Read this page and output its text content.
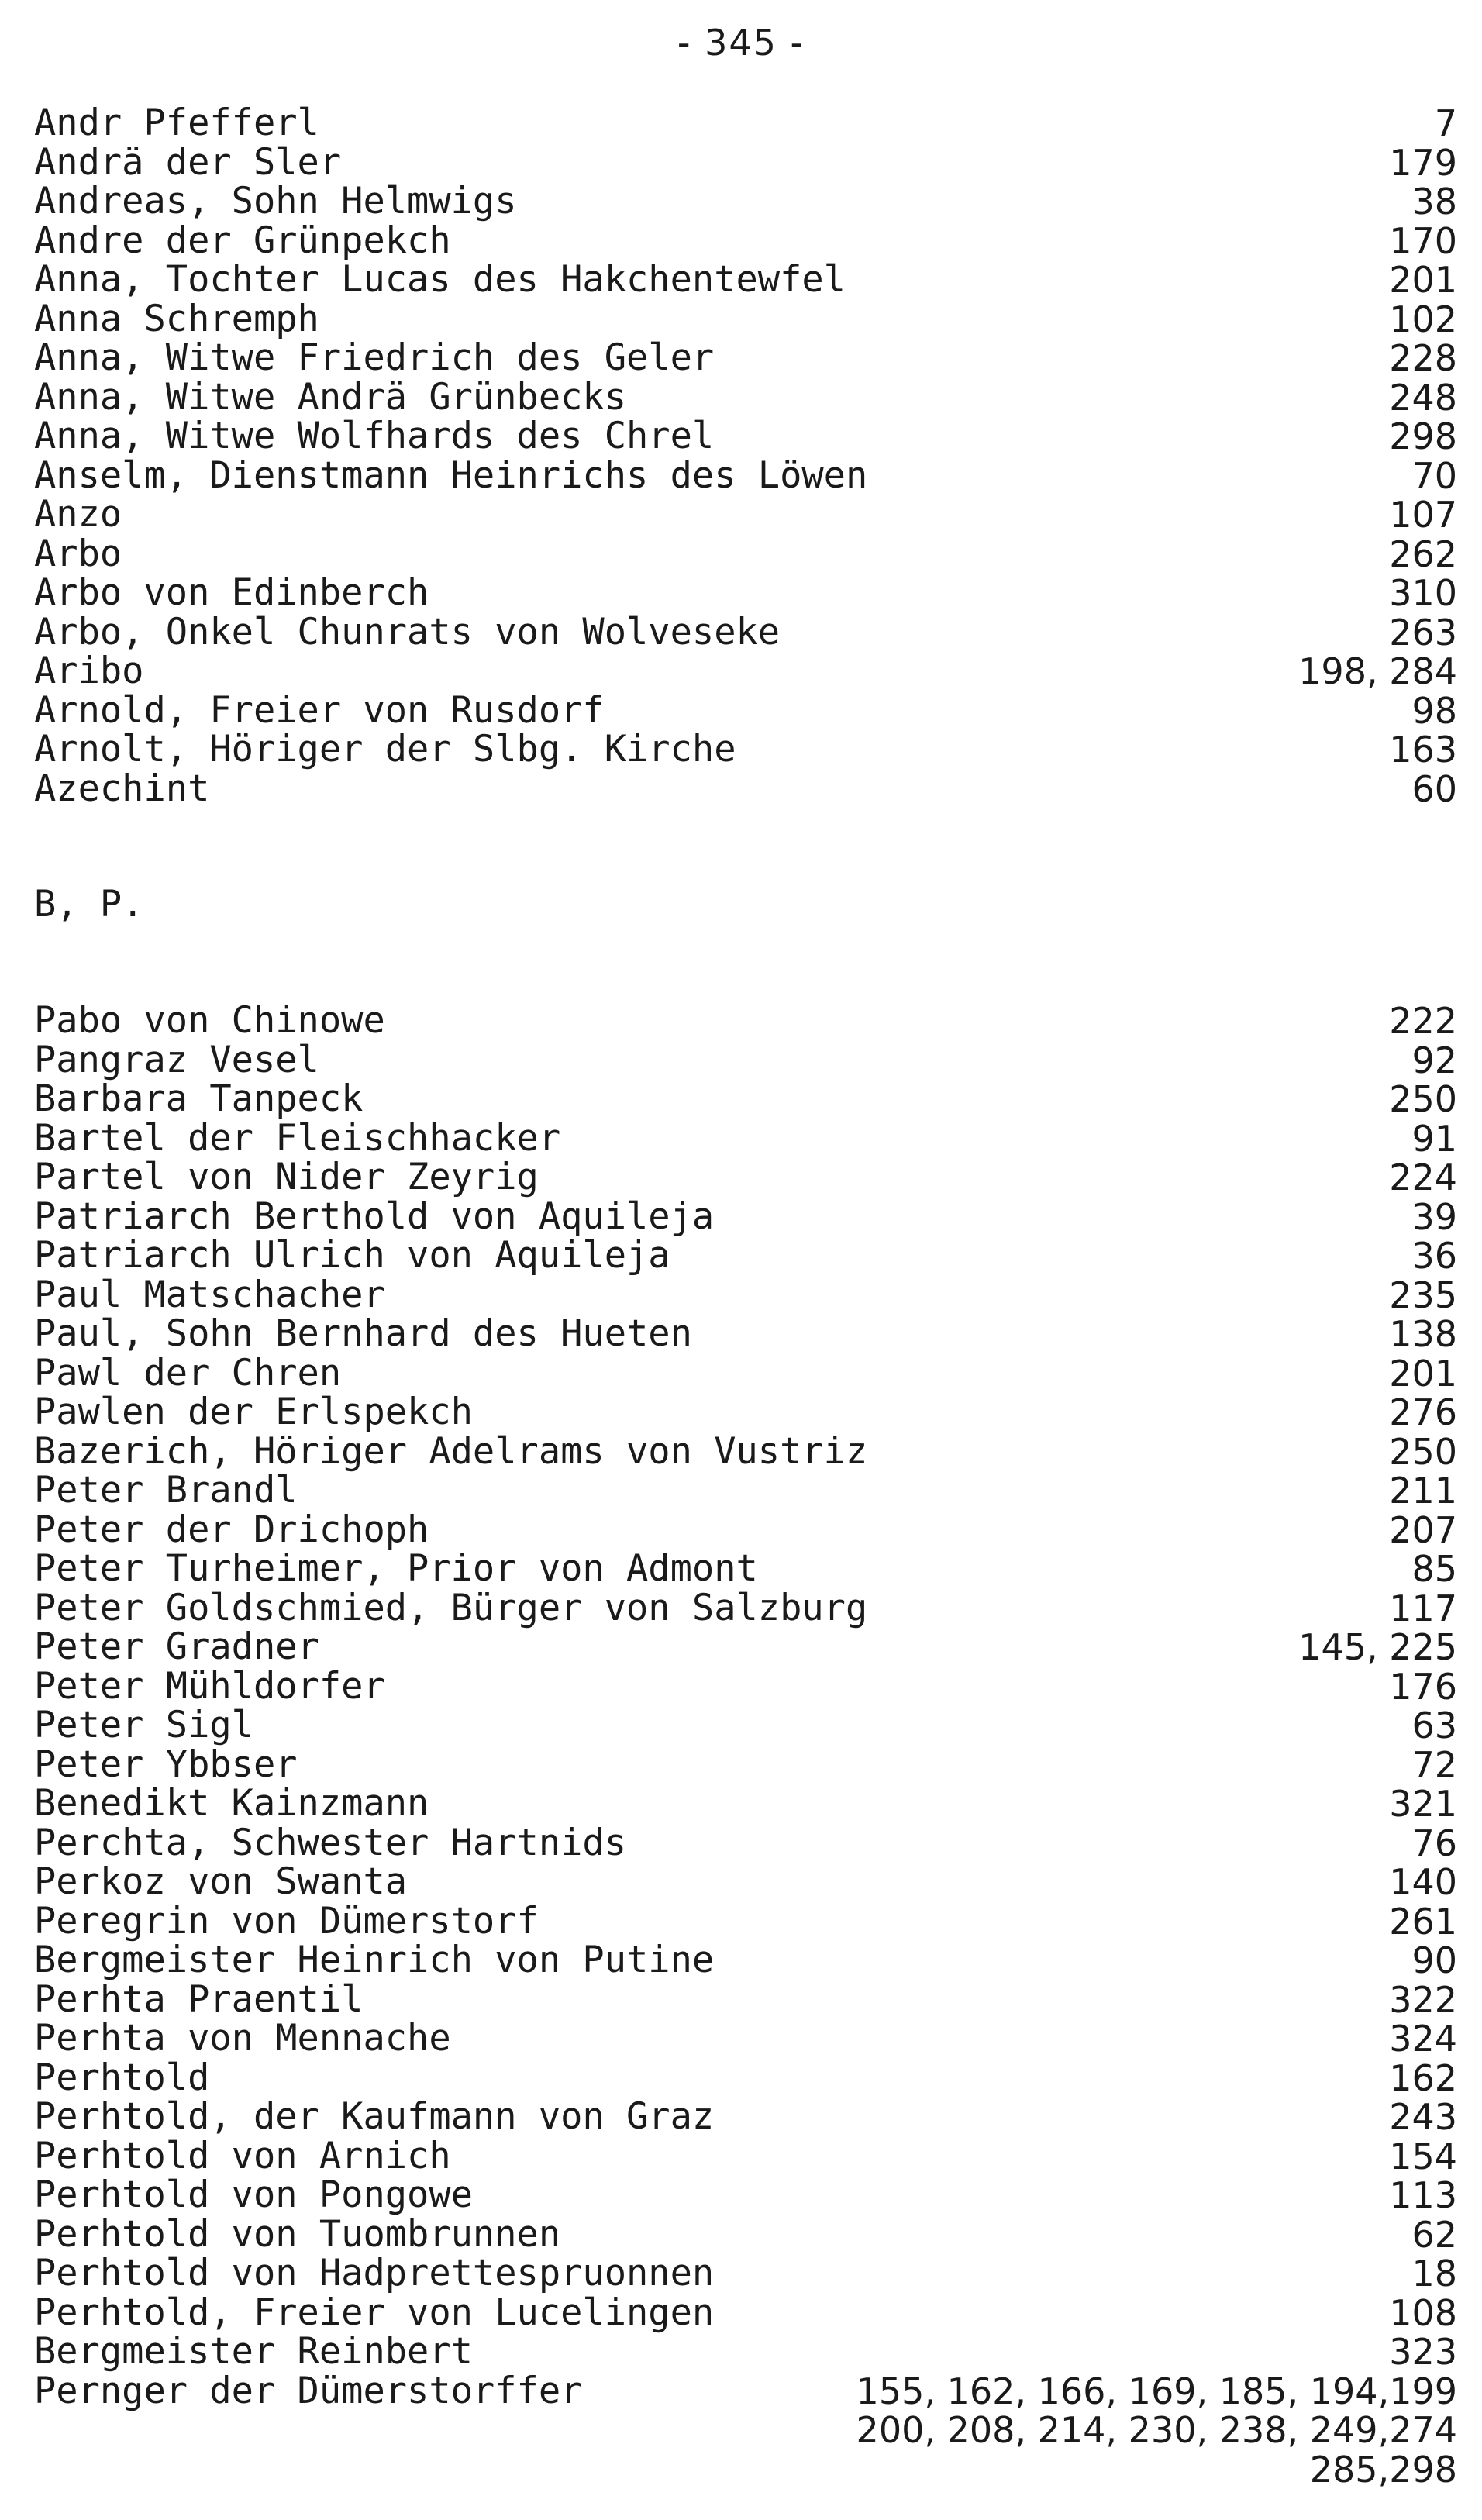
- 345 -
Andr Pfefferl	7
Andrä der Sler	179
Andreas, Sohn Helmwigs	38
Andre der Grünpekch	170
Anna, Tochter Lucas des Hakchentewfel	201
Anna Schremph	102
Anna, Witwe Friedrich des Geler	228
Anna, Witwe Andrä Grünbecks	248
Anna, Witwe Wolfhards des Chrel	298
Anselm, Dienstmann Heinrichs des Löwen	70
Anzo	107
Arbo	262
Arbo von Edinberch	310
Arbo, Onkel Chunrats von Wolveseke	263
Aribo	198, 284
Arnold, Freier von Rusdorf	98
Arnolt, Höriger der Slbg. Kirche	163
Azechint	60
B, P.
Pabo von Chinowe	222
Pangraz Vesel	92
Barbara Tanpeck	250
Bartel der Fleischhacker	91
Partel von Nider Zeyrig	224
Patriarch Berthold von Aquileja	39
Patriarch Ulrich von Aquileja	36
Paul Matschacher	235
Paul, Sohn Bernhard des Hueten	138
Pawl der Chren	201
Pawlen der Erlspekch	276
Bazerich, Höriger Adelrams von Vustriz	250
Peter Brandl	211
Peter der Drichoph	207
Peter Turheimer, Prior von Admont	85
Peter Goldschmied, Bürger von Salzburg	117
Peter Gradner	145, 225
Peter Mühldorfer	176
Peter Sigl	63
Peter Ybbser	72
Benedikt Kainzmann	321
Perchta, Schwester Hartnids	76
Perkoz von Swanta	140
Peregrin von Dümerstorf	261
Bergmeister Heinrich von Putine	90
Perhta Praentil	322
Perhta von Mennache	324
Perhtold	162
Perhtold, der Kaufmann von Graz	243
Perhtold von Arnich	154
Perhtold von Pongowe	113
Perhtold von Tuombrunnen	62
Perhtold von Hadprettespruonnen	18
Perhtold, Freier von Lucelingen	108
Bergmeister Reinbert	323
Pernger der Dümerstorffer	155, 162, 166, 169, 185, 194,199
200, 208, 214, 230, 238, 249,274
285,298
